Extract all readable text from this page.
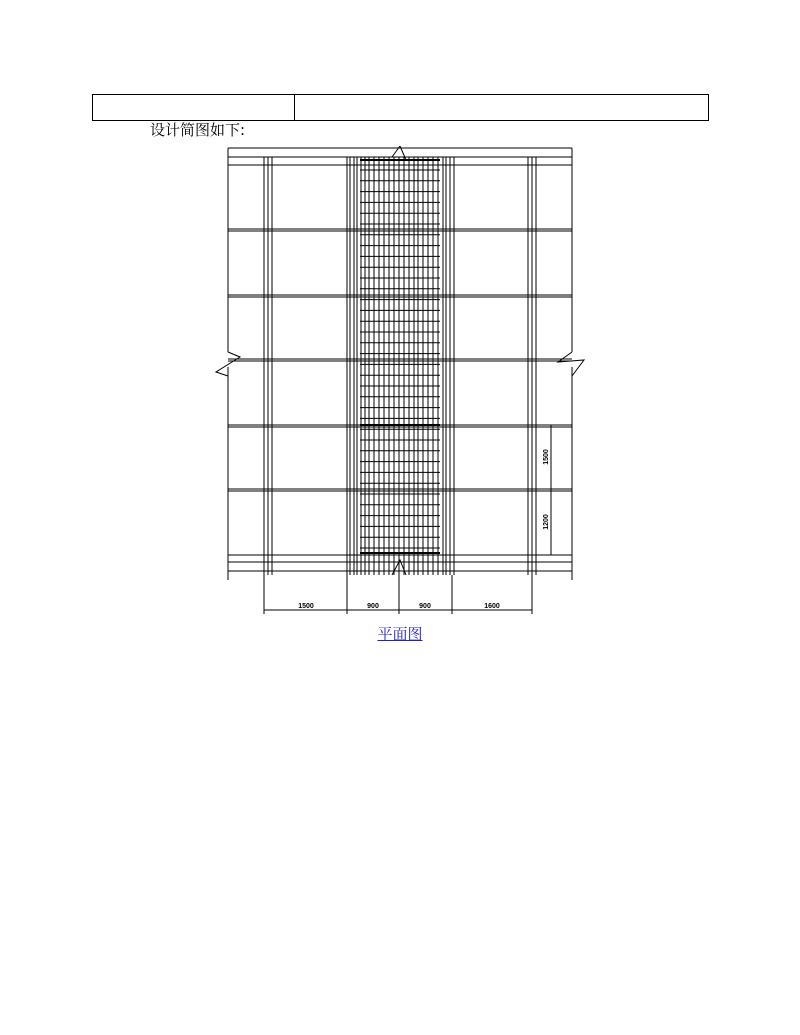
设计简图如下:
1500	900	900	1600
1500
1200
平面图
